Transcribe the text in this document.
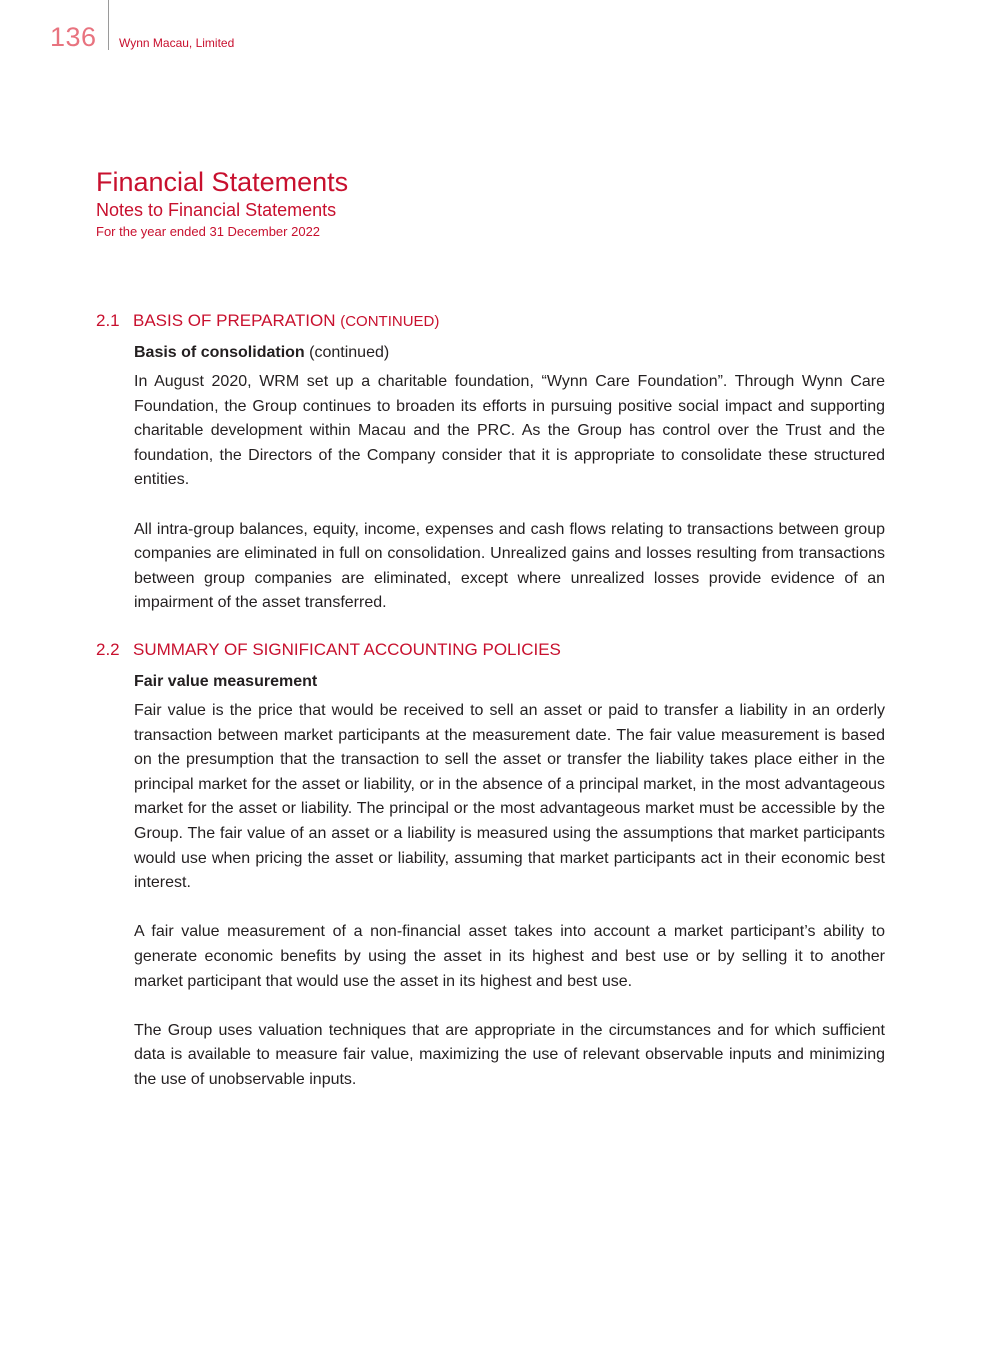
136 Wynn Macau, Limited
Financial Statements
Notes to Financial Statements
For the year ended 31 December 2022
2.1 BASIS OF PREPARATION (CONTINUED)
Basis of consolidation (continued)

In August 2020, WRM set up a charitable foundation, “Wynn Care Foundation”. Through Wynn Care Foundation, the Group continues to broaden its efforts in pursuing positive social impact and supporting charitable development within Macau and the PRC. As the Group has control over the Trust and the foundation, the Directors of the Company consider that it is appropriate to consolidate these structured entities.

All intra-group balances, equity, income, expenses and cash flows relating to transactions between group companies are eliminated in full on consolidation. Unrealized gains and losses resulting from transactions between group companies are eliminated, except where unrealized losses provide evidence of an impairment of the asset transferred.

2.2 SUMMARY OF SIGNIFICANT ACCOUNTING POLICIES
Fair value measurement

Fair value is the price that would be received to sell an asset or paid to transfer a liability in an orderly transaction between market participants at the measurement date. The fair value measurement is based on the presumption that the transaction to sell the asset or transfer the liability takes place either in the principal market for the asset or liability, or in the absence of a principal market, in the most advantageous market for the asset or liability. The principal or the most advantageous market must be accessible by the Group. The fair value of an asset or a liability is measured using the assumptions that market participants would use when pricing the asset or liability, assuming that market participants act in their economic best interest.

A fair value measurement of a non-financial asset takes into account a market participant’s ability to generate economic benefits by using the asset in its highest and best use or by selling it to another market participant that would use the asset in its highest and best use.

The Group uses valuation techniques that are appropriate in the circumstances and for which sufficient data is available to measure fair value, maximizing the use of relevant observable inputs and minimizing the use of unobservable inputs.
